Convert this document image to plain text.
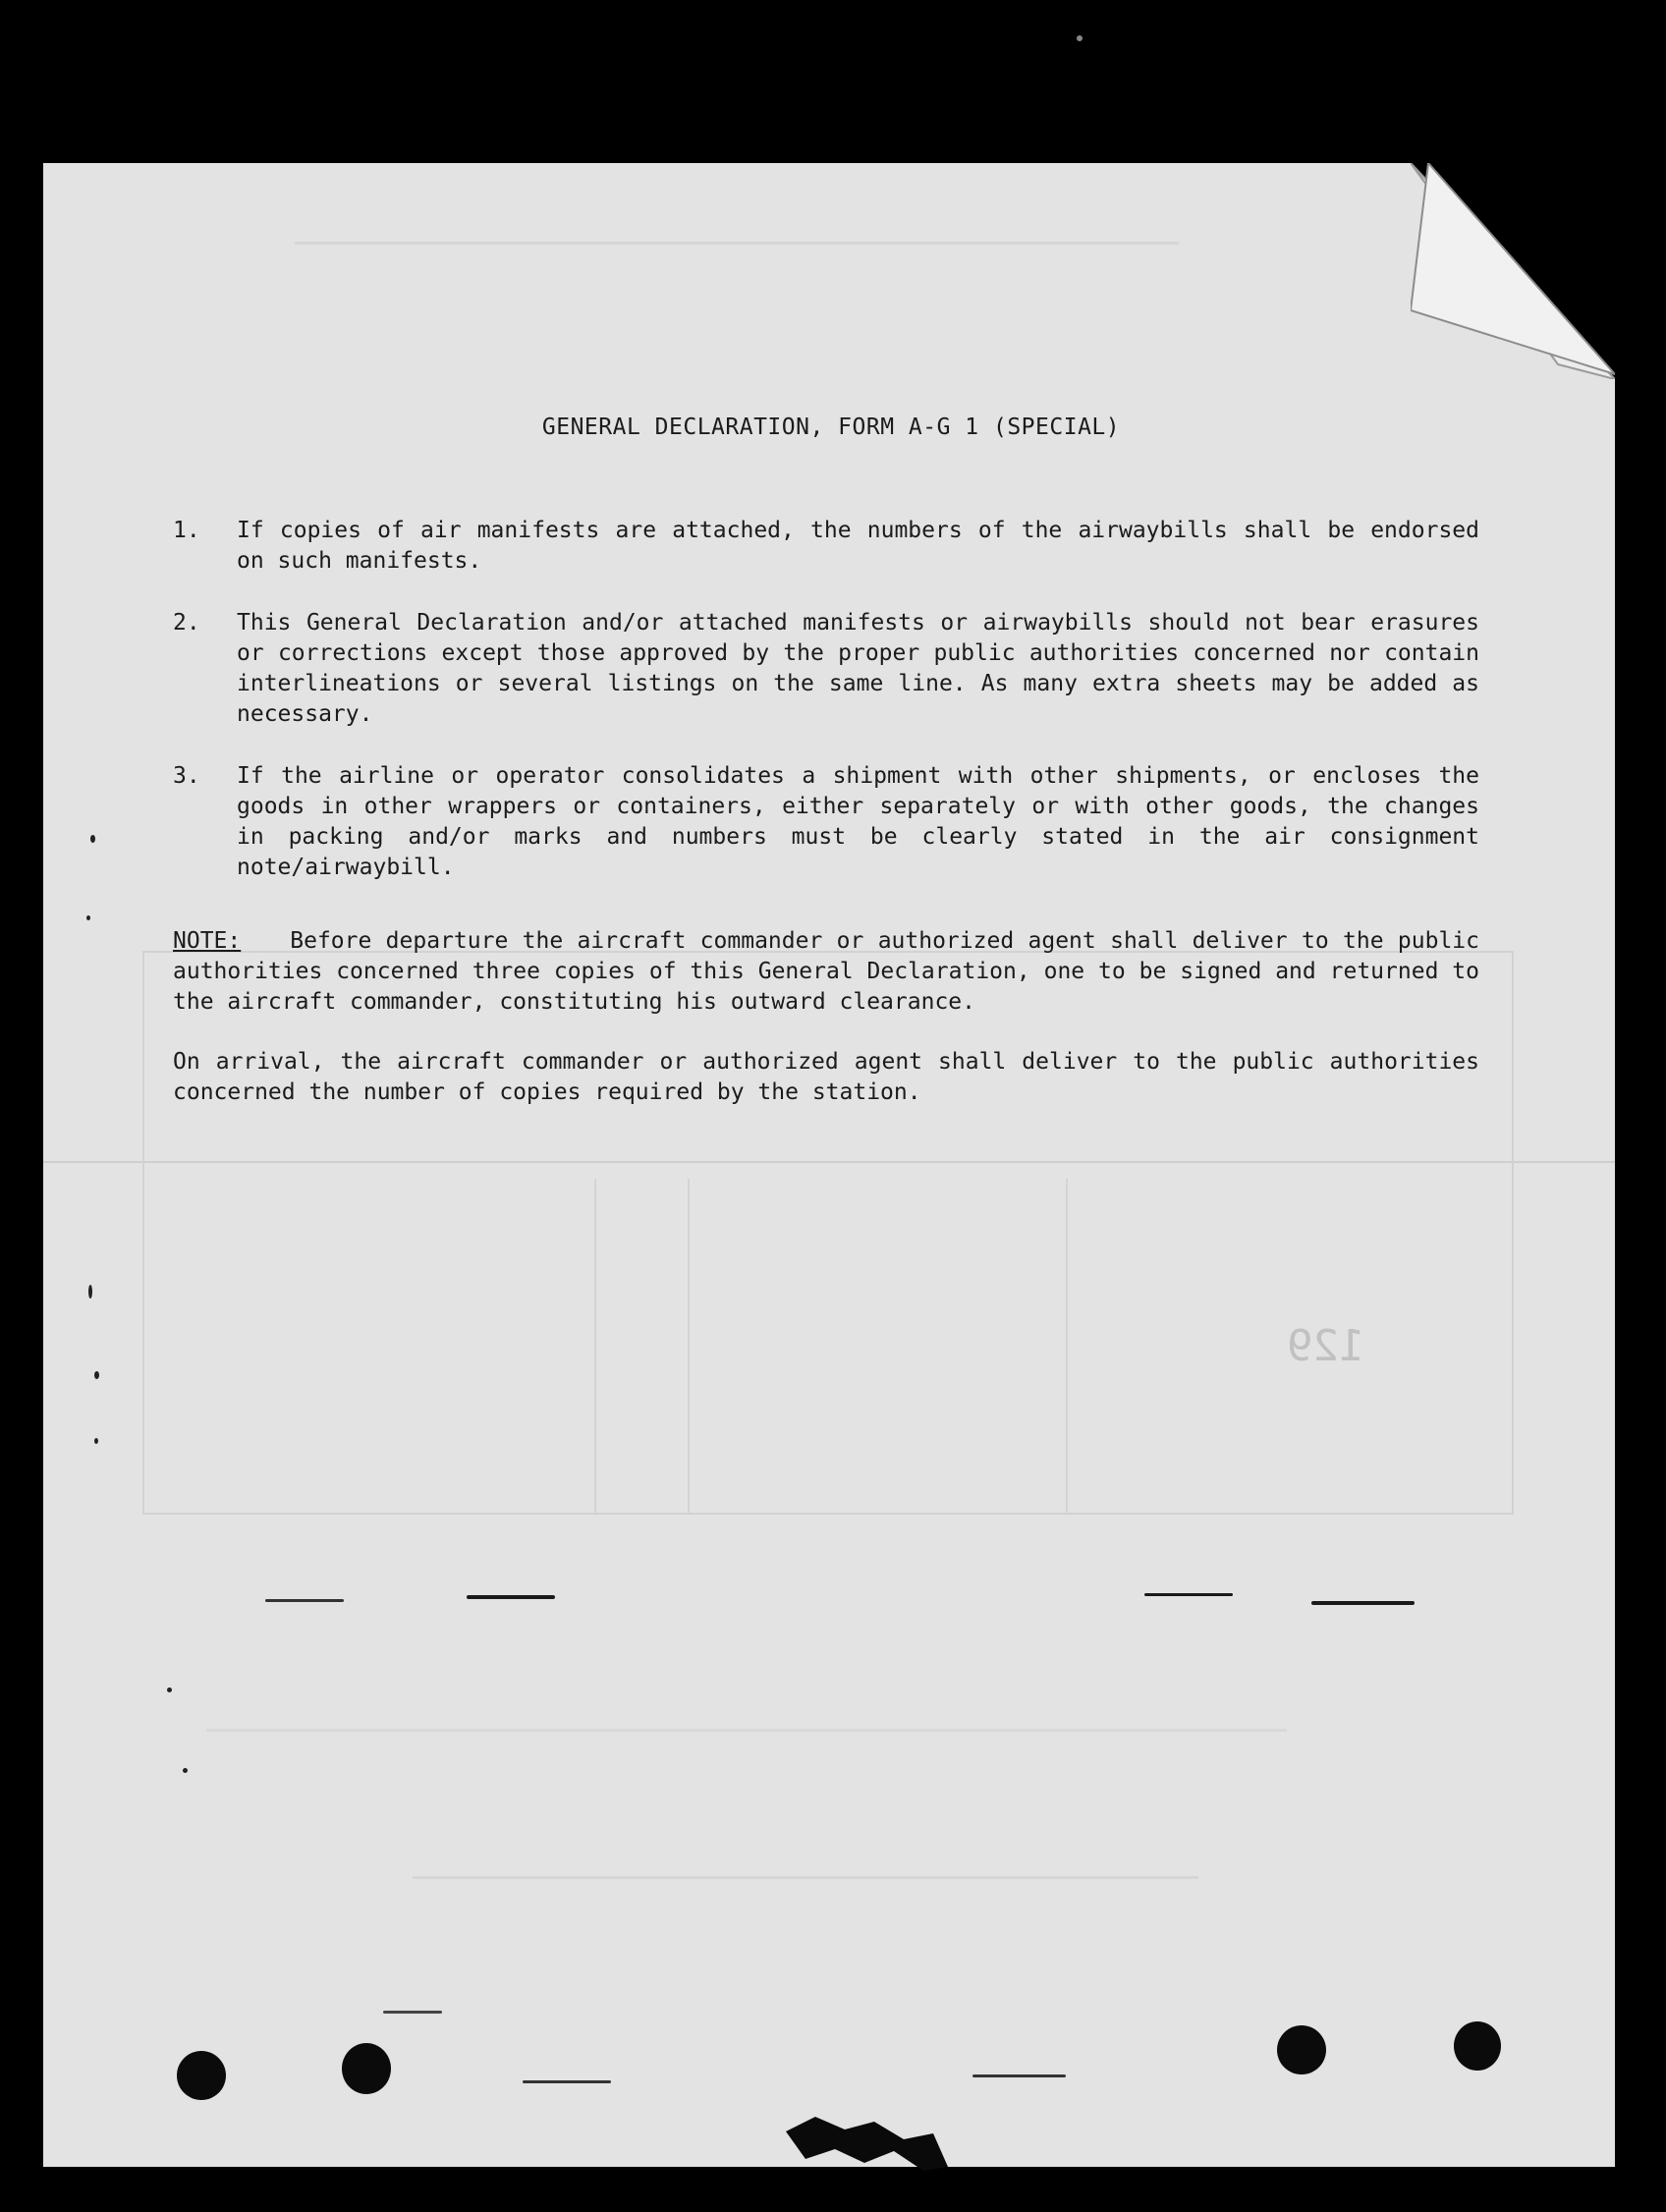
129
GENERAL DECLARATION, FORM A-G 1 (SPECIAL)
1.	If copies of air manifests are attached, the numbers of the airwaybills shall be endorsed on such manifests.
2.	This General Declaration and/or attached manifests or airwaybills should not bear erasures or corrections except those approved by the proper public authorities concerned nor contain interlineations or several listings on the same line. As many extra sheets may be added as necessary.
3.	If the airline or operator consolidates a shipment with other shipments, or encloses the goods in other wrappers or containers, either separately or with other goods, the changes in packing and/or marks and numbers must be clearly stated in the air consignment note/airwaybill.
NOTE: Before departure the aircraft commander or authorized agent shall deliver to the public authorities concerned three copies of this General Declaration, one to be signed and returned to the aircraft commander, constituting his outward clearance.
On arrival, the aircraft commander or authorized agent shall deliver to the public authorities concerned the number of copies required by the station.
